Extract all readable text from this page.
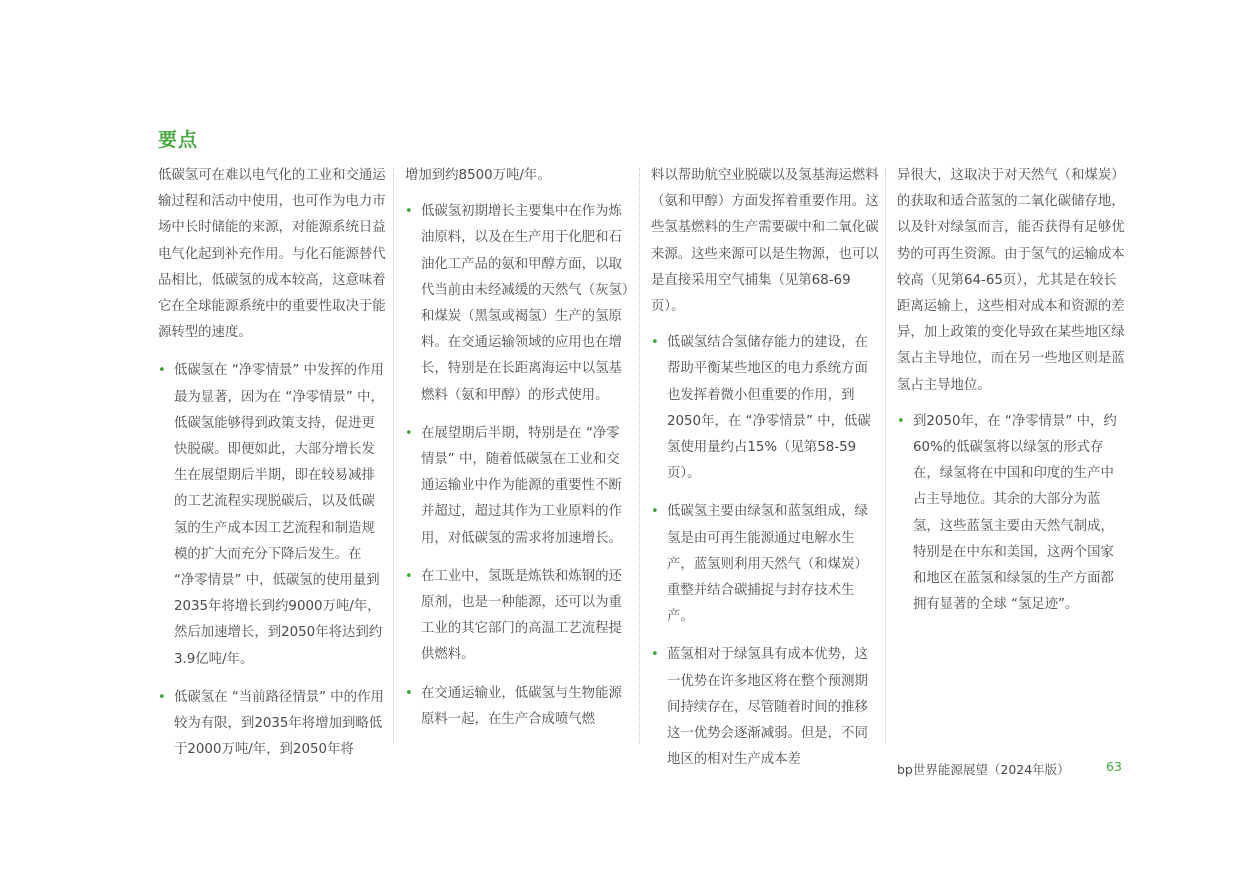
要点

低碳氢可在难以电气化的工业和交通运输过程和活动中使用，也可作为电力市场中长时储能的来源，对能源系统日益电气化起到补充作用。与化石能源替代品相比，低碳氢的成本较高，这意味着它在全球能源系统中的重要性取决于能源转型的速度。

• 低碳氢在 “净零情景” 中发挥的作用最为显著，因为在 “净零情景” 中，低碳氢能够得到政策支持，促进更快脱碳。即便如此，大部分增长发生在展望期后半期，即在较易减排的工艺流程实现脱碳后，以及低碳氢的生产成本因工艺流程和制造规模的扩大而充分下降后发生。在 “净零情景” 中，低碳氢的使用量到2035年将增长到约9000万吨/年，然后加速增长，到2050年将达到约3.9亿吨/年。
• 低碳氢在 “当前路径情景” 中的作用较为有限，到2035年将增加到略低于2000万吨/年，到2050年将

增加到约8500万吨/年。

• 低碳氢初期增长主要集中在作为炼油原料，以及在生产用于化肥和石油化工产品的氨和甲醇方面，以取代当前由未经减缓的天然气（灰氢）和煤炭（黑氢或褐氢）生产的氢原料。在交通运输领域的应用也在增长，特别是在长距离海运中以氢基燃料（氨和甲醇）的形式使用。
• 在展望期后半期，特别是在 “净零情景” 中，随着低碳氢在工业和交通运输业中作为能源的重要性不断并超过，超过其作为工业原料的作用，对低碳氢的需求将加速增长。
• 在工业中，氢既是炼铁和炼钢的还原剂，也是一种能源，还可以为重工业的其它部门的高温工艺流程提供燃料。
• 在交通运输业，低碳氢与生物能源原料一起，在生产合成喷气燃

料以帮助航空业脱碳以及氢基海运燃料（氨和甲醇）方面发挥着重要作用。这些氢基燃料的生产需要碳中和二氧化碳来源。这些来源可以是生物源，也可以是直接采用空气捕集（见第68-69页）。

• 低碳氢结合氢储存能力的建设，在帮助平衡某些地区的电力系统方面也发挥着微小但重要的作用，到2050年，在 “净零情景” 中，低碳氢使用量约占15%（见第58-59页）。
• 低碳氢主要由绿氢和蓝氢组成，绿氢是由可再生能源通过电解水生产，蓝氢则利用天然气（和煤炭）重整并结合碳捕捉与封存技术生产。
• 蓝氢相对于绿氢具有成本优势，这一优势在许多地区将在整个预测期间持续存在，尽管随着时间的推移这一优势会逐渐减弱。但是，不同地区的相对生产成本差

异很大，这取决于对天然气（和煤炭）的获取和适合蓝氢的二氧化碳储存地，以及针对绿氢而言，能否获得有足够优势的可再生资源。由于氢气的运输成本较高（见第64-65页），尤其是在较长距离运输上，这些相对成本和资源的差异，加上政策的变化导致在某些地区绿氢占主导地位，而在另一些地区则是蓝氢占主导地位。

• 到2050年，在 “净零情景” 中，约60%的低碳氢将以绿氢的形式存在，绿氢将在中国和印度的生产中占主导地位。其余的大部分为蓝氢，这些蓝氢主要由天然气制成，特别是在中东和美国，这两个国家和地区在蓝氢和绿氢的生产方面都拥有显著的全球 “氢足迹”。
bp世界能源展望（2024年版）	63
